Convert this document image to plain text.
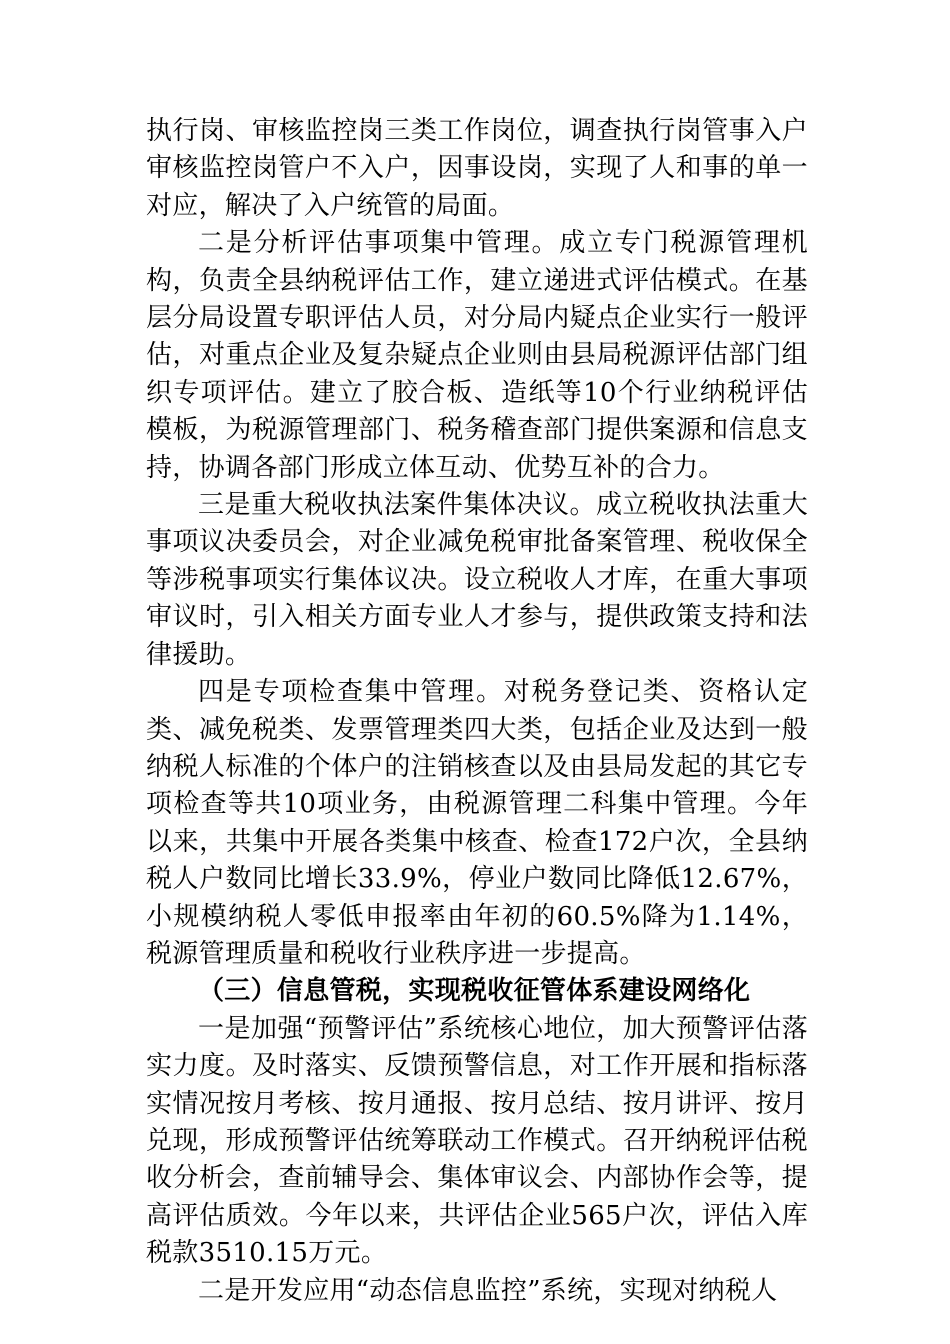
执行岗、审核监控岗三类工作岗位，调查执行岗管事入户审核监控岗管户不入户，因事设岗，实现了人和事的单一对应，解决了入户统管的局面。

二是分析评估事项集中管理。成立专门税源管理机构，负责全县纳税评估工作，建立递进式评估模式。在基层分局设置专职评估人员，对分局内疑点企业实行一般评估，对重点企业及复杂疑点企业则由县局税源评估部门组织专项评估。建立了胶合板、造纸等10个行业纳税评估模板，为税源管理部门、税务稽查部门提供案源和信息支持，协调各部门形成立体互动、优势互补的合力。

三是重大税收执法案件集体决议。成立税收执法重大事项议决委员会，对企业减免税审批备案管理、税收保全等涉税事项实行集体议决。设立税收人才库，在重大事项审议时，引入相关方面专业人才参与，提供政策支持和法律援助。

四是专项检查集中管理。对税务登记类、资格认定类、减免税类、发票管理类四大类，包括企业及达到一般纳税人标准的个体户的注销核查以及由县局发起的其它专项检查等共10项业务，由税源管理二科集中管理。今年以来，共集中开展各类集中核查、检查172户次，全县纳税人户数同比增长33.9%，停业户数同比降低12.67%，小规模纳税人零低申报率由年初的60.5%降为1.14%，税源管理质量和税收行业秩序进一步提高。

（三）信息管税，实现税收征管体系建设网络化

一是加强“预警评估”系统核心地位，加大预警评估落实力度。及时落实、反馈预警信息，对工作开展和指标落实情况按月考核、按月通报、按月总结、按月讲评、按月兑现，形成预警评估统筹联动工作模式。召开纳税评估税收分析会，查前辅导会、集体审议会、内部协作会等，提高评估质效。今年以来，共评估企业565户次，评估入库税款3510.15万元。

二是开发应用“动态信息监控”系统，实现对纳税人
